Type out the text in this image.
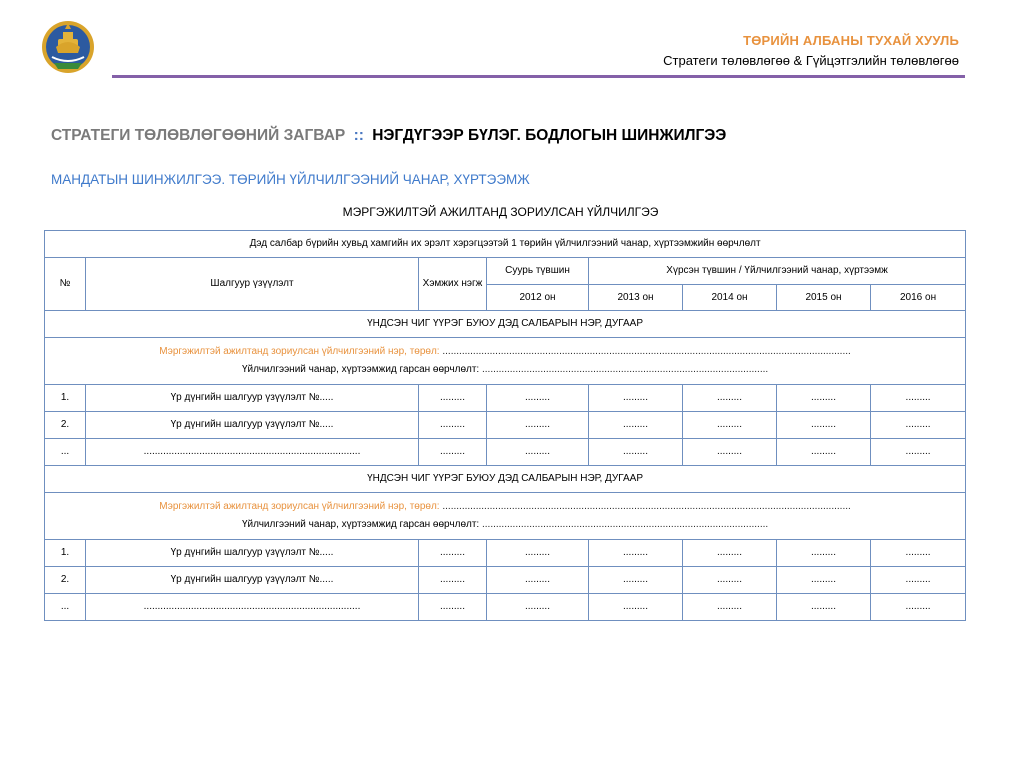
ТӨРИЙН АЛБАНЫ ТУХАЙ ХУУЛЬ
Стратеги төлөвлөгөө & Гүйцэтгэлийн төлөвлөгөө
СТРАТЕГИ ТӨЛӨВЛӨГӨӨНИЙ ЗАГВАР :: НЭГДҮГЭЭР БҮЛЭГ. БОДЛОГЫН ШИНЖИЛГЭЭ
МАНДАТЫН ШИНЖИЛГЭЭ. ТӨРИЙН ҮЙЛЧИЛГЭЭНИЙ ЧАНАР, ХҮРТЭЭМЖ
МЭРГЭЖИЛТЭЙ АЖИЛТАНД ЗОРИУЛСАН ҮЙЛЧИЛГЭЭ
Дэд салбар бүрийн хувьд хамгийн их эрэлт хэрэгцээтэй 1 төрийн үйлчилгээний чанар, хүртээмжийн өөрчлөлт							
№	Шалгуур үзүүлэлт	Хэмжих нэгж	Суурь түвшин	Хүрсэн түвшин / Үйлчилгээний чанар, хүртээмж			
			2012 он	2013 он	2014 он	2015 он	2016 он
ҮНДСЭН ЧИГ ҮҮРЭГ БУЮУ ДЭД САЛБАРЫН НЭР, ДУГААР							

Мэргэжилтэй ажилтанд зориулсан үйлчилгээний нэр, төрөл: ...................................................................................................................................................
Үйлчилгээний чанар, хүртээмжид гарсан өөрчлөлт: .......................................................................................................							

1.	Үр дүнгийн шалгуур үзүүлэлт №.....	.........	.........	.........	.........	.........	.........
2.	Үр дүнгийн шалгуур үзүүлэлт №.....	.........	.........	.........	.........	.........	.........
...	..............................................................................	.........	.........	.........	.........	.........	.........
ҮНДСЭН ЧИГ ҮҮРЭГ БУЮУ ДЭД САЛБАРЫН НЭР, ДУГААР							

Мэргэжилтэй ажилтанд зориулсан үйлчилгээний нэр, төрөл: ...................................................................................................................................................
Үйлчилгээний чанар, хүртээмжид гарсан өөрчлөлт: .......................................................................................................							

1.	Үр дүнгийн шалгуур үзүүлэлт №.....	.........	.........	.........	.........	.........	.........
2.	Үр дүнгийн шалгуур үзүүлэлт №.....	.........	.........	.........	.........	.........	.........
...	..............................................................................	.........	.........	.........	.........	.........	.........
